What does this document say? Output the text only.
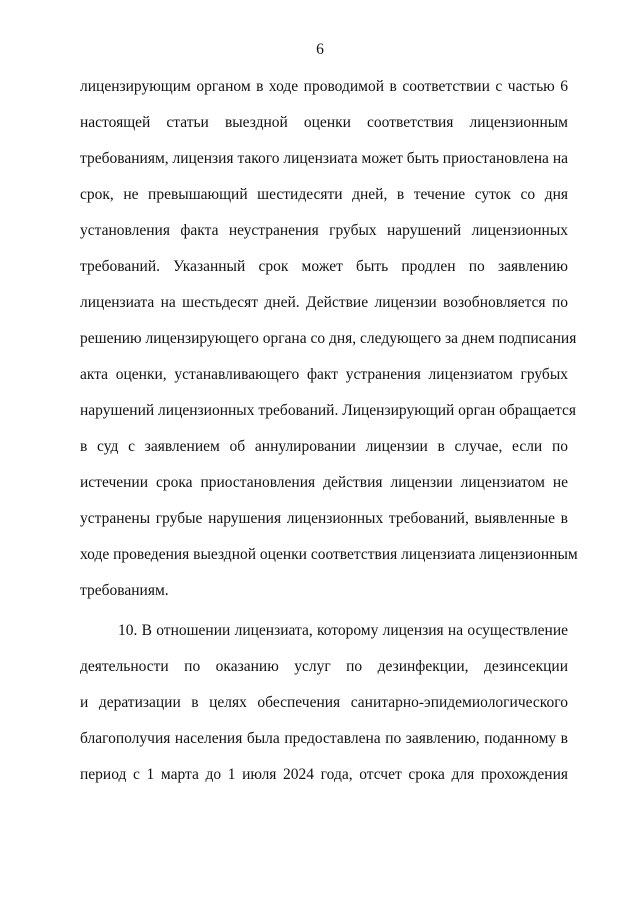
6
лицензирующим органом в ходе проводимой в соответствии с частью 6
настоящей статьи выездной оценки соответствия лицензионным
требованиям, лицензия такого лицензиата может быть приостановлена на
срок, не превышающий шестидесяти дней, в течение суток со дня
установления факта неустранения грубых нарушений лицензионных
требований. Указанный срок может быть продлен по заявлению
лицензиата на шестьдесят дней. Действие лицензии возобновляется по
решению лицензирующего органа со дня, следующего за днем подписания
акта оценки, устанавливающего факт устранения лицензиатом грубых
нарушений лицензионных требований. Лицензирующий орган обращается
в суд с заявлением об аннулировании лицензии в случае, если по
истечении срока приостановления действия лицензии лицензиатом не
устранены грубые нарушения лицензионных требований, выявленные в
ходе проведения выездной оценки соответствия лицензиата лицензионным
требованиям.
10. В отношении лицензиата, которому лицензия на осуществление
деятельности по оказанию услуг по дезинфекции, дезинсекции
и дератизации в целях обеспечения санитарно-эпидемиологического
благополучия населения была предоставлена по заявлению, поданному в
период с 1 марта до 1 июля 2024 года, отсчет срока для прохождения
